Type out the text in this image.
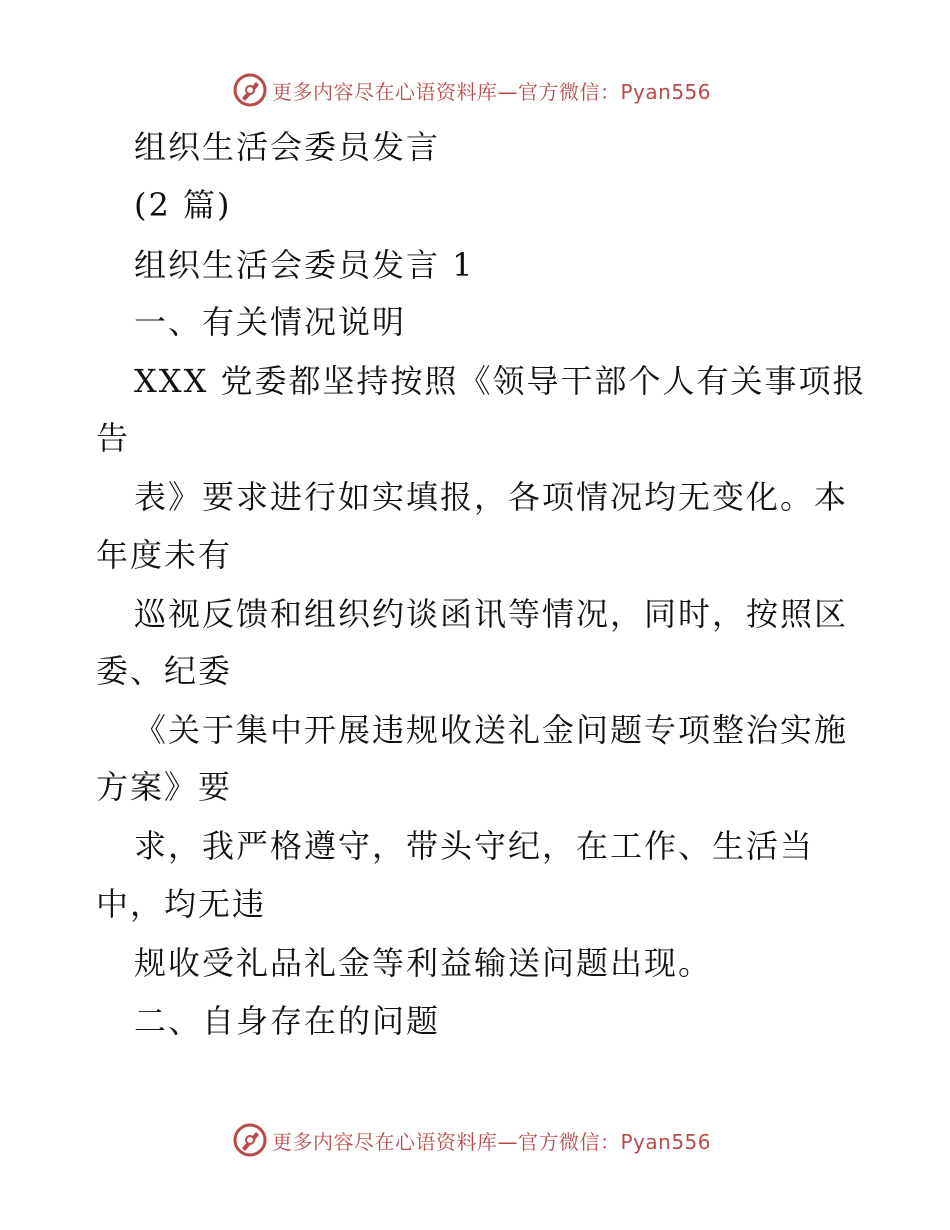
更多内容尽在心语资料库—官方微信：Pyan556
组织生活会委员发言
(2 篇)
组织生活会委员发言 1
一、有关情况说明
XXX 党委都坚持按照《领导干部个人有关事项报
告
表》要求进行如实填报，各项情况均无变化。本
年度未有
巡视反馈和组织约谈函讯等情况，同时，按照区
委、纪委
《关于集中开展违规收送礼金问题专项整治实施
方案》要
求，我严格遵守，带头守纪，在工作、生活当
中，均无违
规收受礼品礼金等利益输送问题出现。
二、自身存在的问题
更多内容尽在心语资料库—官方微信：Pyan556
